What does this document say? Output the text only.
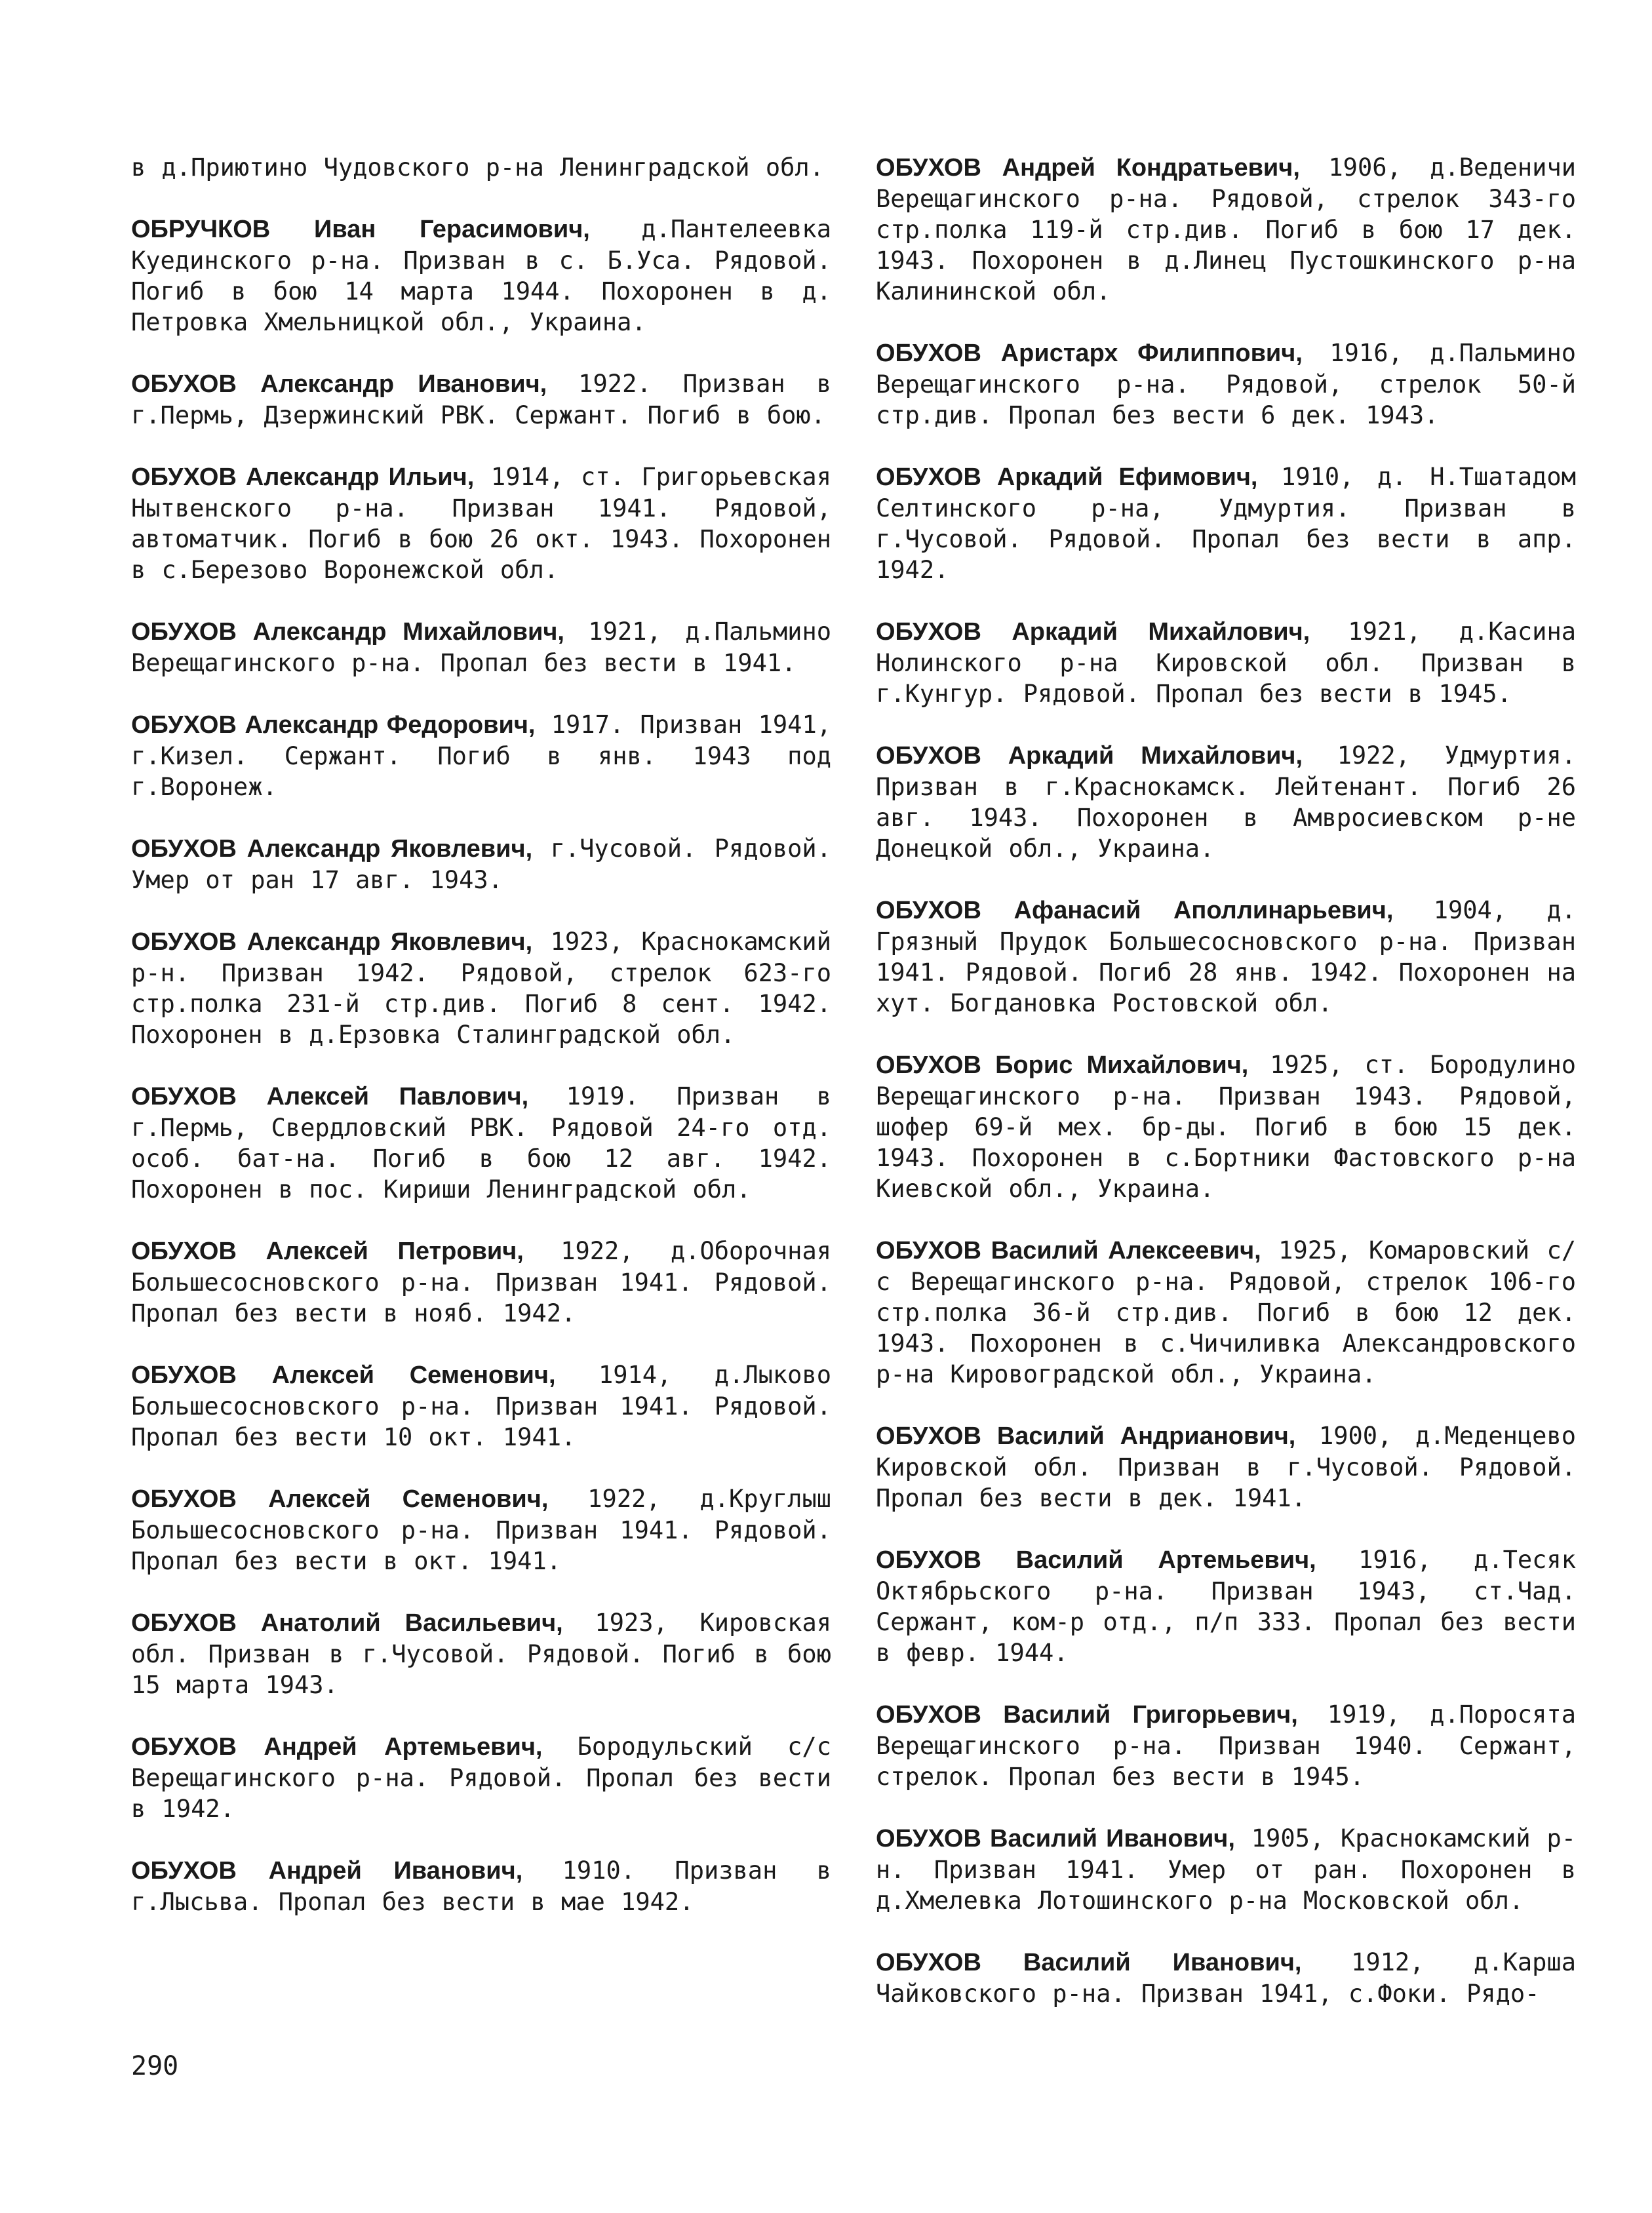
в д.Приютино Чудовского р-на Ленинградской обл.

ОБРУЧКОВ Иван Герасимович, д.Пантелеевка Куединского р-на. Призван в с. Б.Уса. Рядовой. Погиб в бою 14 марта 1944. Похоронен в д. Петровка Хмельницкой обл., Украина.

ОБУХОВ Александр Иванович, 1922. Призван в г.Пермь, Дзержинский РВК. Сержант. Погиб в бою.

ОБУХОВ Александр Ильич, 1914, ст. Григорьевская Нытвенского р-на. Призван 1941. Рядовой, автоматчик. Погиб в бою 26 окт. 1943. Похоронен в с.Березово Воронежской обл.

ОБУХОВ Александр Михайлович, 1921, д.Пальмино Верещагинского р-на. Пропал без вести в 1941.

ОБУХОВ Александр Федорович, 1917. Призван 1941, г.Кизел. Сержант. Погиб в янв. 1943 под г.Воронеж.

ОБУХОВ Александр Яковлевич, г.Чусовой. Рядовой. Умер от ран 17 авг. 1943.

ОБУХОВ Александр Яковлевич, 1923, Краснокамский р-н. Призван 1942. Рядовой, стрелок 623-го стр.полка 231-й стр.див. Погиб 8 сент. 1942. Похоронен в д.Ерзовка Сталинградской обл.

ОБУХОВ Алексей Павлович, 1919. Призван в г.Пермь, Свердловский РВК. Рядовой 24-го отд. особ. бат-на. Погиб в бою 12 авг. 1942. Похоронен в пос. Кириши Ленинградской обл.

ОБУХОВ Алексей Петрович, 1922, д.Оборочная Большесосновского р-на. Призван 1941. Рядовой. Пропал без вести в нояб. 1942.

ОБУХОВ Алексей Семенович, 1914, д.Лыково Большесосновского р-на. Призван 1941. Рядовой. Пропал без вести 10 окт. 1941.

ОБУХОВ Алексей Семенович, 1922, д.Круглыш Большесосновского р-на. Призван 1941. Рядовой. Пропал без вести в окт. 1941.

ОБУХОВ Анатолий Васильевич, 1923, Кировская обл. Призван в г.Чусовой. Рядовой. Погиб в бою 15 марта 1943.

ОБУХОВ Андрей Артемьевич, Бородульский с/с Верещагинского р-на. Рядовой. Пропал без вести в 1942.

ОБУХОВ Андрей Иванович, 1910. Призван в г.Лысьва. Пропал без вести в мае 1942.

ОБУХОВ Андрей Кондратьевич, 1906, д.Веденичи Верещагинского р-на. Рядовой, стрелок 343-го стр.полка 119-й стр.див. Погиб в бою 17 дек. 1943. Похоронен в д.Линец Пустошкинского р-на Калининской обл.

ОБУХОВ Аристарх Филиппович, 1916, д.Пальмино Верещагинского р-на. Рядовой, стрелок 50-й стр.див. Пропал без вести 6 дек. 1943.

ОБУХОВ Аркадий Ефимович, 1910, д. Н.Тшатадом Селтинского р-на, Удмуртия. Призван в г.Чусовой. Рядовой. Пропал без вести в апр. 1942.

ОБУХОВ Аркадий Михайлович, 1921, д.Касина Нолинского р-на Кировской обл. Призван в г.Кунгур. Рядовой. Пропал без вести в 1945.

ОБУХОВ Аркадий Михайлович, 1922, Удмуртия. Призван в г.Краснокамск. Лейтенант. Погиб 26 авг. 1943. Похоронен в Амвросиевском р-не Донецкой обл., Украина.

ОБУХОВ Афанасий Аполлинарьевич, 1904, д. Грязный Прудок Большесосновского р-на. Призван 1941. Рядовой. Погиб 28 янв. 1942. Похоронен на хут. Богдановка Ростовской обл.

ОБУХОВ Борис Михайлович, 1925, ст. Бородулино Верещагинского р-на. Призван 1943. Рядовой, шофер 69-й мех. бр-ды. Погиб в бою 15 дек. 1943. Похоронен в с.Бортники Фастовского р-на Киевской обл., Украина.

ОБУХОВ Василий Алексеевич, 1925, Комаровский с/с Верещагинского р-на. Рядовой, стрелок 106-го стр.полка 36-й стр.див. Погиб в бою 12 дек. 1943. Похоронен в с.Чичиливка Александровского р-на Кировоградской обл., Украина.

ОБУХОВ Василий Андрианович, 1900, д.Меденцево Кировской обл. Призван в г.Чусовой. Рядовой. Пропал без вести в дек. 1941.

ОБУХОВ Василий Артемьевич, 1916, д.Тесяк Октябрьского р-на. Призван 1943, ст.Чад. Сержант, ком-р отд., п/п 333. Пропал без вести в февр. 1944.

ОБУХОВ Василий Григорьевич, 1919, д.Поросята Верещагинского р-на. Призван 1940. Сержант, стрелок. Пропал без вести в 1945.

ОБУХОВ Василий Иванович, 1905, Краснокамский р-н. Призван 1941. Умер от ран. Похоронен в д.Хмелевка Лотошинского р-на Московской обл.

ОБУХОВ Василий Иванович, 1912, д.Карша Чайковского р-на. Призван 1941, с.Фоки. Рядо-

290
